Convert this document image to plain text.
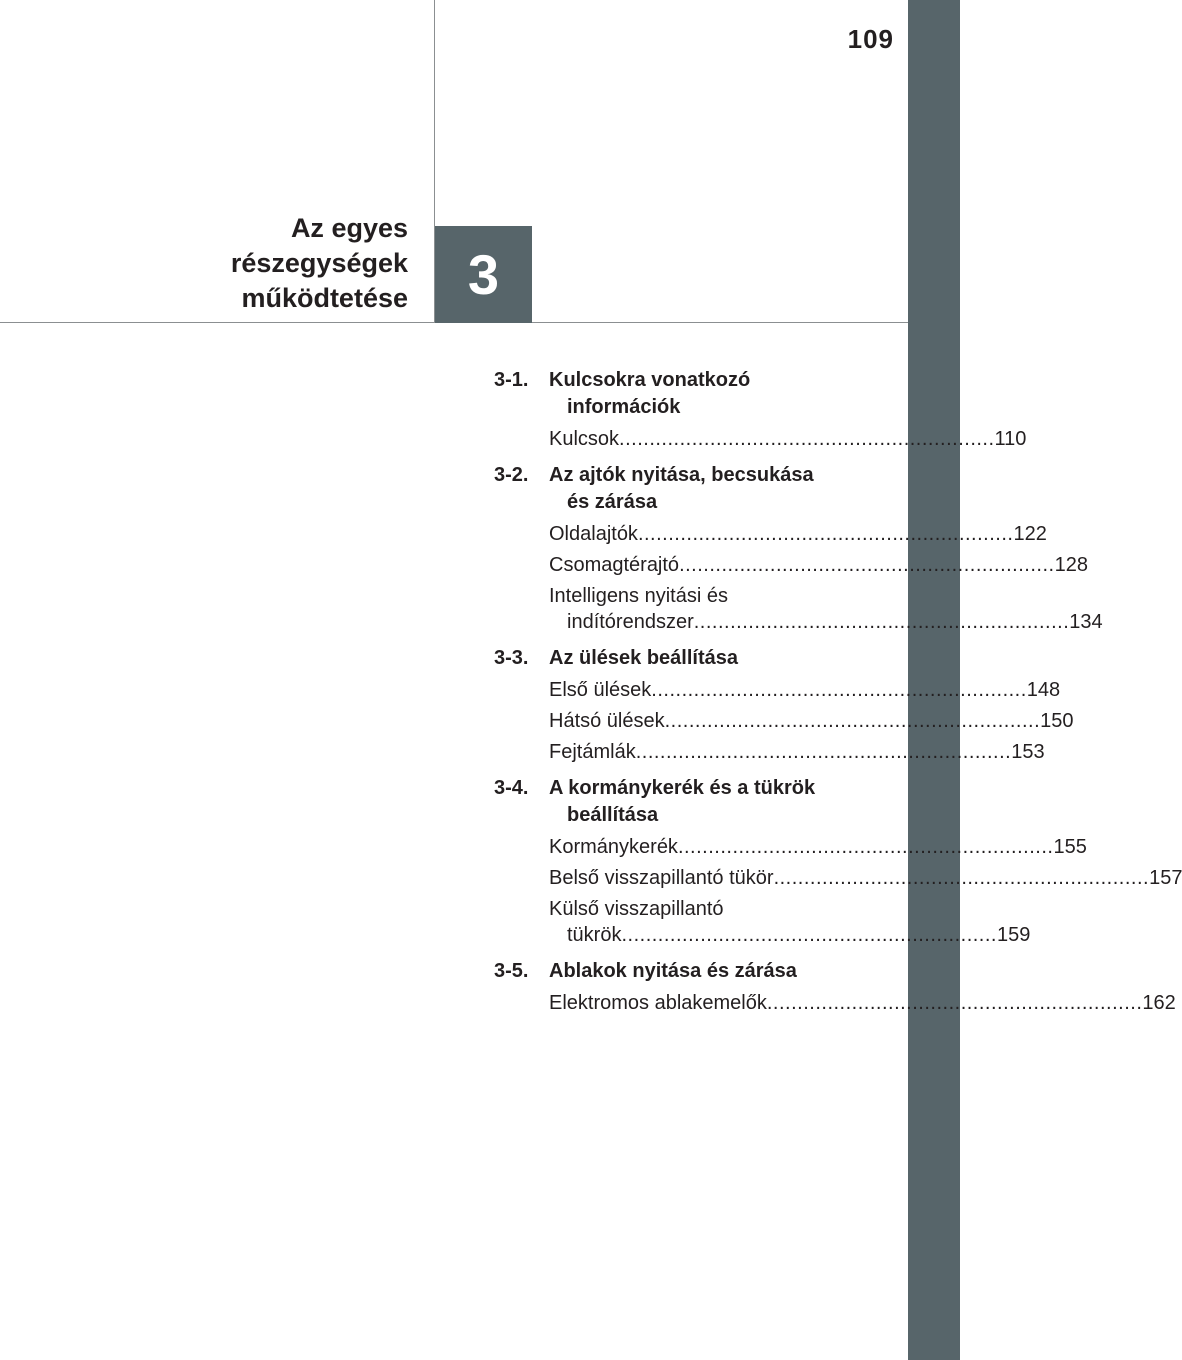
109
Az egyes
részegységek
működtetése	3
3-1.	Kulcsokra vonatkozó
információk
Kulcsok .............................................................. 110
3-2.	Az ajtók nyitása, becsukása
és zárása
Oldalajtók .............................................................. 122
Csomagtérajtó .............................................................. 128
Intelligens nyitási és
indítórendszer .............................................................. 134
3-3.	Az ülések beállítása
Első ülések .............................................................. 148
Hátsó ülések .............................................................. 150
Fejtámlák .............................................................. 153
3-4.	A kormánykerék és a tükrök
beállítása
Kormánykerék .............................................................. 155
Belső visszapillantó tükör .............................................................. 157
Külső visszapillantó
tükrök .............................................................. 159
3-5.	Ablakok nyitása és zárása
Elektromos ablakemelők .............................................................. 162
